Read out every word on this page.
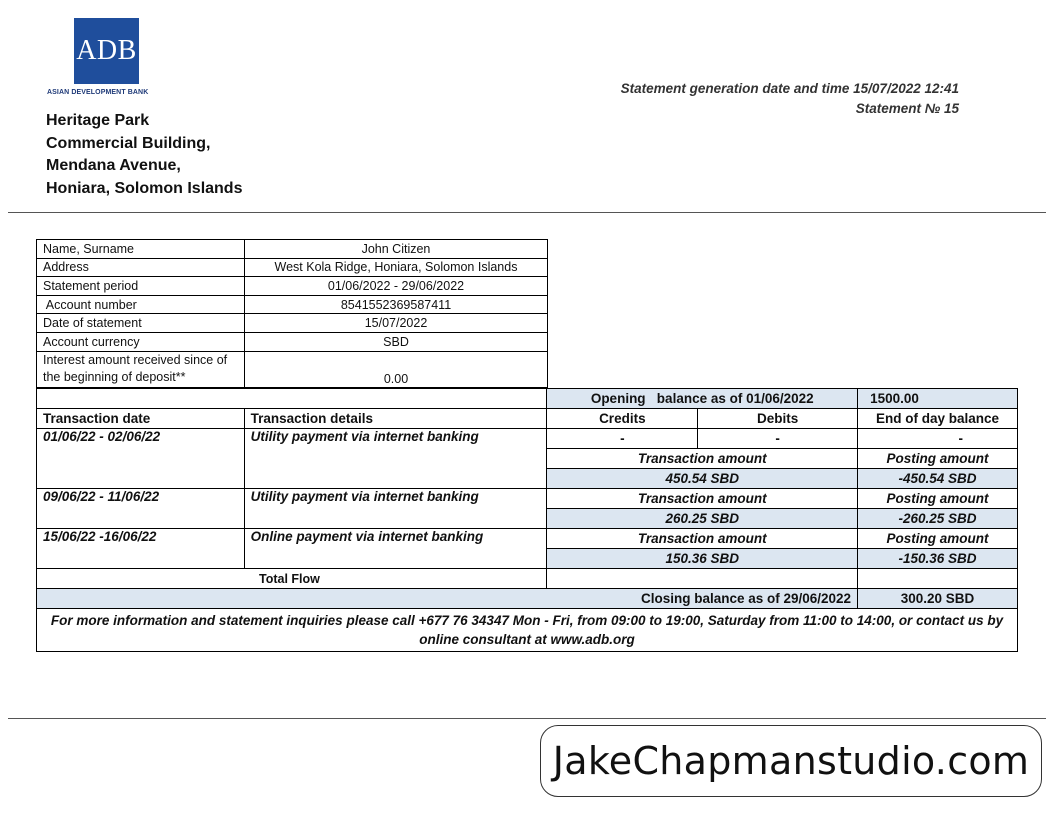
ADB
ASIAN DEVELOPMENT BANK
Heritage Park
Commercial Building,
Mendana Avenue,
Honiara, Solomon Islands
Statement generation date and time 15/07/2022 12:41
Statement № 15
Name, Surname	John Citizen
Address	West Kola Ridge, Honiara, Solomon Islands
Statement period	01/06/2022 - 29/06/2022
Account number	8541552369587411
Date of statement	15/07/2022
Account currency	SBD
Interest amount received since of the beginning of deposit**	0.00
		Opening   balance as of 01/06/2022		1500.00
Transaction date	Transaction details	Credits	Debits	End of day balance
01/06/22 - 02/06/22	Utility payment via internet banking	-	-	-
		Transaction amount		Posting amount
		450.54 SBD		-450.54 SBD
09/06/22 - 11/06/22	Utility payment via internet banking	Transaction amount		Posting amount
		260.25 SBD		-260.25 SBD
15/06/22 -16/06/22	Online payment via internet banking	Transaction amount		Posting amount
		150.36 SBD		-150.36 SBD
Total Flow				
Closing balance as of 29/06/2022				300.20 SBD
For more information and statement inquiries please call +677 76 34347 Mon - Fri, from 09:00 to 19:00, Saturday from 11:00 to 14:00, or contact us by online consultant at www.adb.org				
JakeChapmanstudio.com
